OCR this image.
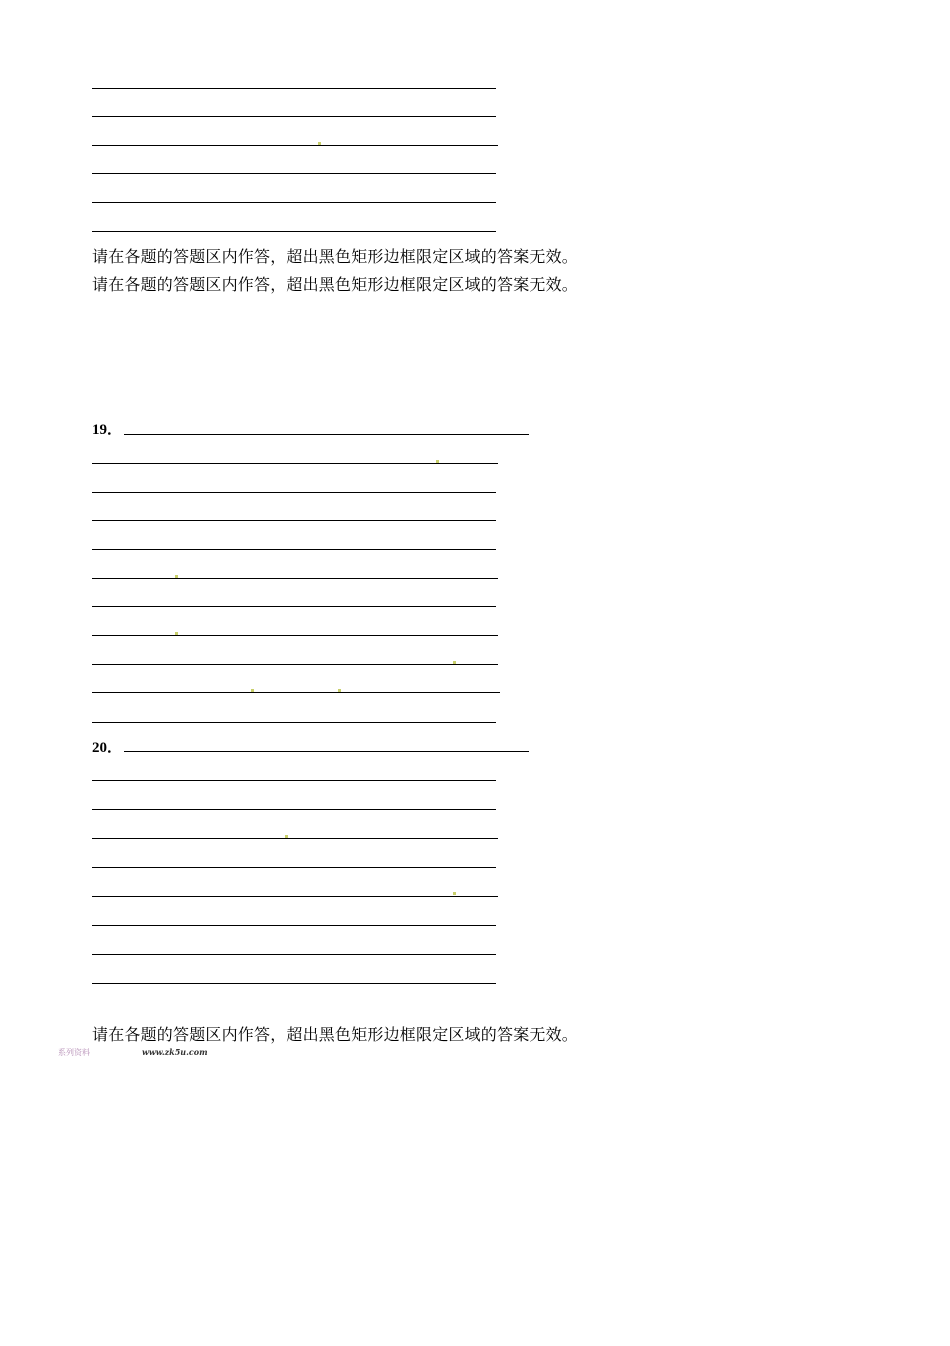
请在各题的答题区内作答，超出黑色矩形边框限定区域的答案无效。
请在各题的答题区内作答，超出黑色矩形边框限定区域的答案无效。
19．
20．
请在各题的答题区内作答，超出黑色矩形边框限定区域的答案无效。
系列资料	www.zk5u.com
